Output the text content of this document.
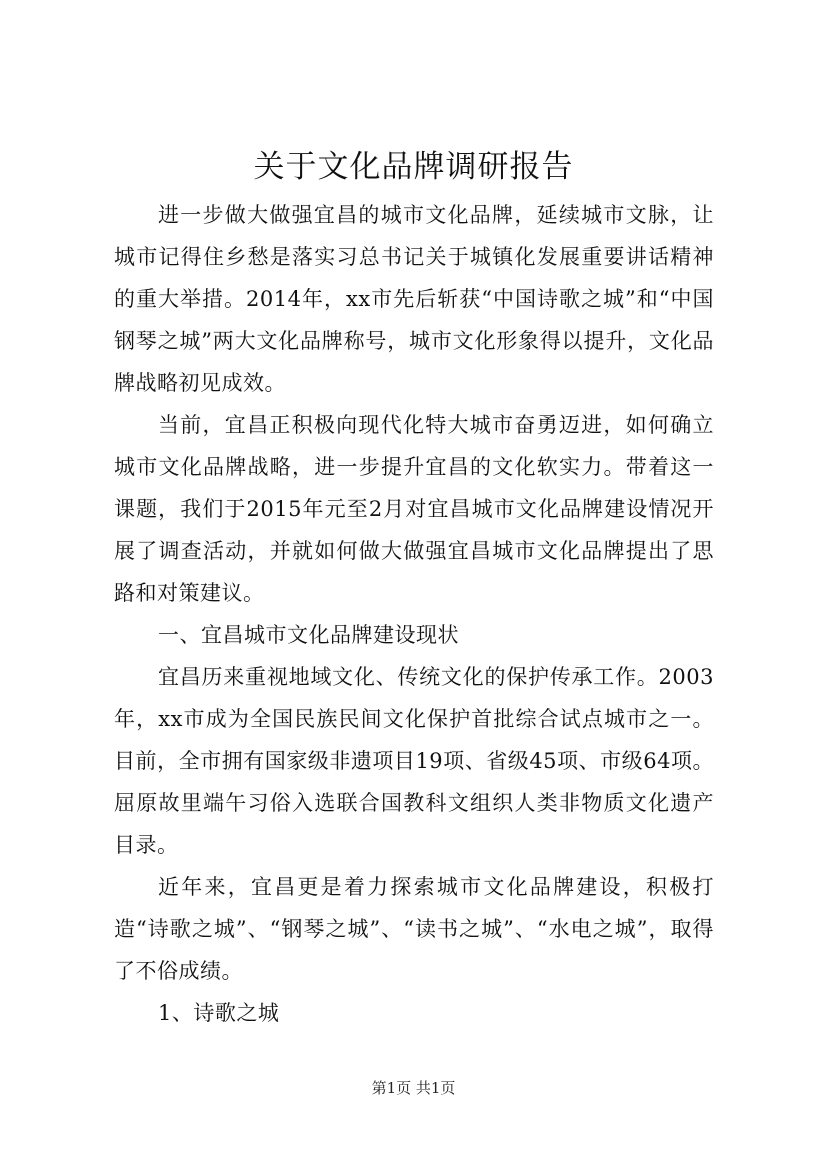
关于文化品牌调研报告

进一步做大做强宜昌的城市文化品牌，延续城市文脉，让城市记得住乡愁是落实习总书记关于城镇化发展重要讲话精神的重大举措。2014年，xx市先后斩获“中国诗歌之城”和“中国钢琴之城”两大文化品牌称号，城市文化形象得以提升，文化品牌战略初见成效。

当前，宜昌正积极向现代化特大城市奋勇迈进，如何确立城市文化品牌战略，进一步提升宜昌的文化软实力。带着这一课题，我们于2015年元至2月对宜昌城市文化品牌建设情况开展了调查活动，并就如何做大做强宜昌城市文化品牌提出了思路和对策建议。

一、宜昌城市文化品牌建设现状

宜昌历来重视地域文化、传统文化的保护传承工作。2003年，xx市成为全国民族民间文化保护首批综合试点城市之一。目前，全市拥有国家级非遗项目19项、省级45项、市级64项。屈原故里端午习俗入选联合国教科文组织人类非物质文化遗产目录。

近年来，宜昌更是着力探索城市文化品牌建设，积极打造“诗歌之城”、“钢琴之城”、“读书之城”、“水电之城”，取得了不俗成绩。

1、诗歌之城

第1页 共1页
